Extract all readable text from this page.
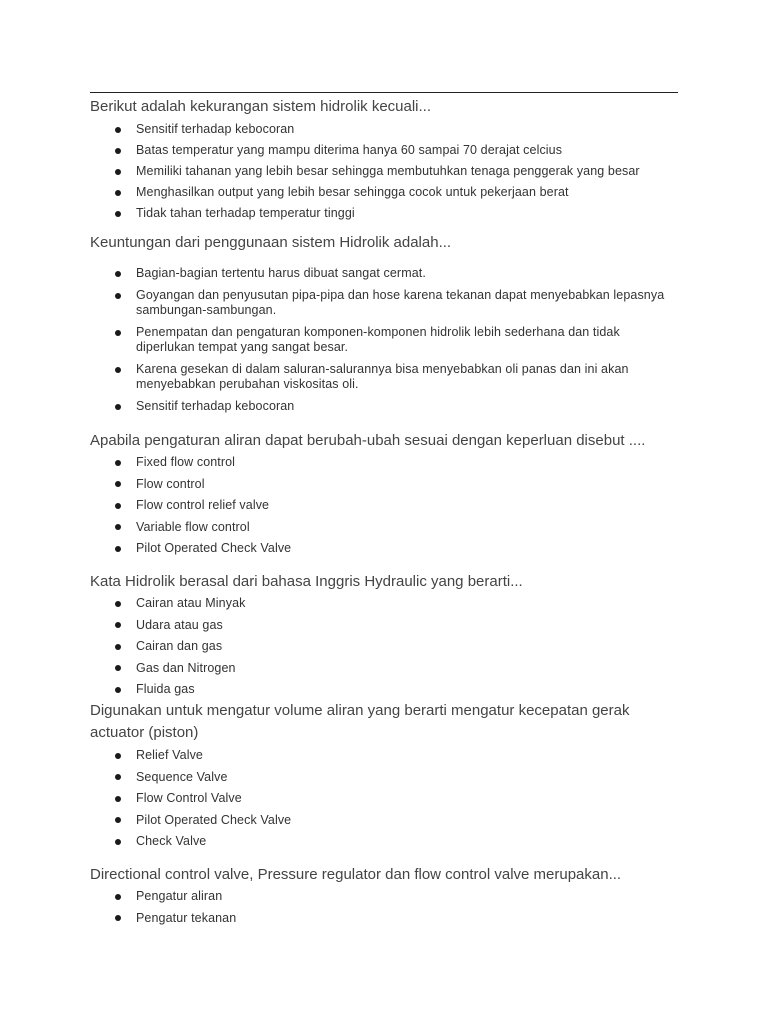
Berikut adalah kekurangan sistem hidrolik kecuali...
Sensitif terhadap kebocoran
Batas temperatur yang mampu diterima hanya 60 sampai 70 derajat celcius
Memiliki tahanan yang lebih besar sehingga membutuhkan tenaga penggerak yang besar
Menghasilkan output yang lebih besar sehingga cocok untuk pekerjaan berat
Tidak tahan terhadap temperatur tinggi
Keuntungan dari penggunaan sistem Hidrolik adalah...
Bagian-bagian tertentu harus dibuat sangat cermat.
Goyangan dan penyusutan pipa-pipa dan hose karena tekanan dapat menyebabkan lepasnya sambungan-sambungan.
Penempatan dan pengaturan komponen-komponen hidrolik lebih sederhana dan tidak diperlukan tempat yang sangat besar.
Karena gesekan di dalam saluran-salurannya bisa menyebabkan oli panas dan ini akan menyebabkan perubahan viskositas oli.
Sensitif terhadap kebocoran
Apabila pengaturan aliran dapat berubah-ubah sesuai dengan keperluan disebut ....
Fixed flow control
Flow control
Flow control relief valve
Variable flow control
Pilot Operated Check Valve
Kata Hidrolik berasal dari bahasa Inggris Hydraulic yang berarti...
Cairan atau Minyak
Udara atau gas
Cairan dan gas
Gas dan Nitrogen
Fluida gas
Digunakan untuk mengatur volume aliran yang berarti mengatur kecepatan gerak actuator (piston)
Relief Valve
Sequence Valve
Flow Control Valve
Pilot Operated Check Valve
Check Valve
Directional control valve, Pressure regulator dan flow control valve merupakan...
Pengatur aliran
Pengatur tekanan
